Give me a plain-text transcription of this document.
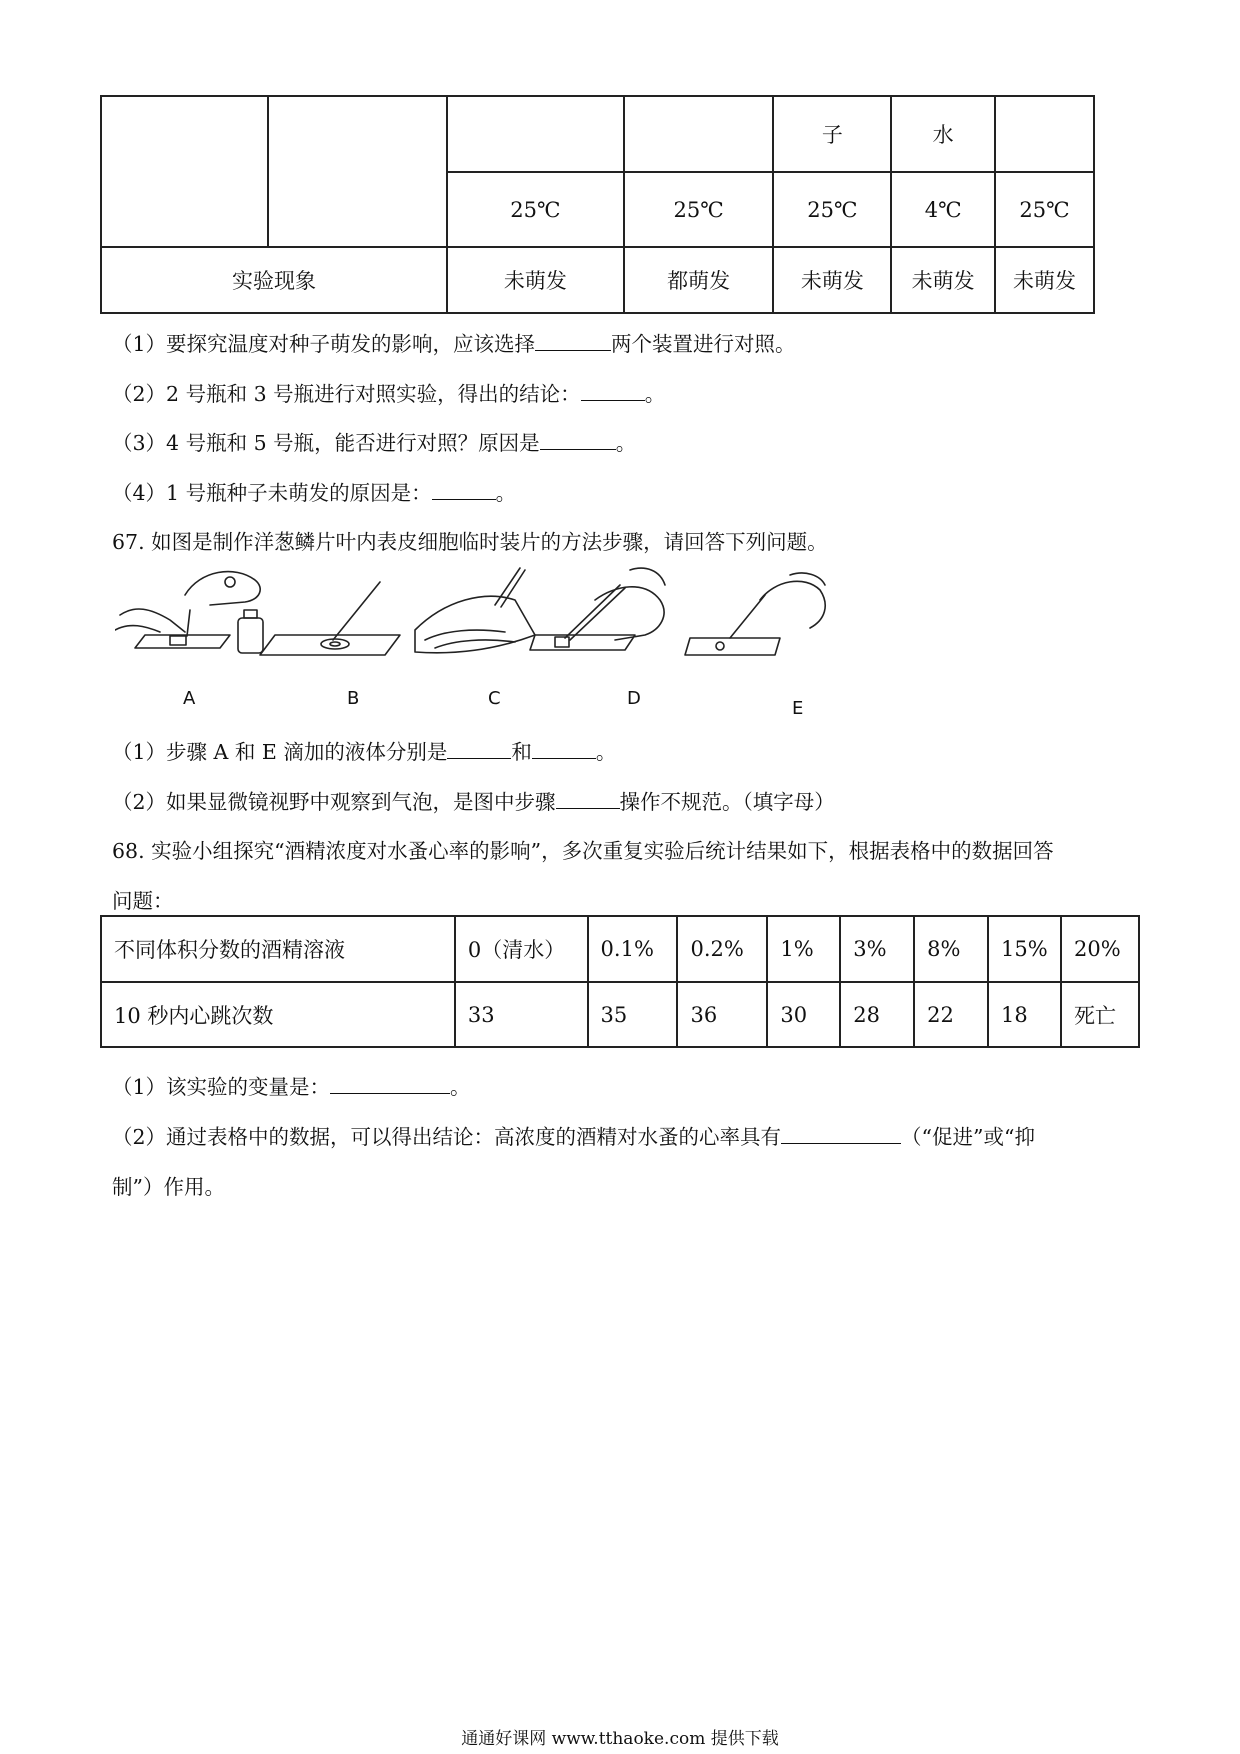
				子	水	
		25℃	25℃	25℃	4℃	25℃
实验现象		未萌发	都萌发	未萌发	未萌发	未萌发
（1）要探究温度对种子萌发的影响，应该选择	两个装置进行对照。
（2）2 号瓶和 3 号瓶进行对照实验，得出的结论：	。
（3）4 号瓶和 5 号瓶，能否进行对照？原因是	。
（4）1 号瓶种子未萌发的原因是：	。
67. 如图是制作洋葱鳞片叶内表皮细胞临时装片的方法步骤，请回答下列问题。
A	B	C	D	E
（1）步骤 A 和 E 滴加的液体分别是	和	。
（2）如果显微镜视野中观察到气泡，是图中步骤	操作不规范。（填字母）
68. 实验小组探究“酒精浓度对水蚤心率的影响”，多次重复实验后统计结果如下，根据表格中的数据回答
问题：
不同体积分数的酒精溶液	0（清水）	0.1%	0.2%	1%	3%	8%	15%	20%
10 秒内心跳次数	33	35	36	30	28	22	18	死亡
（1）该实验的变量是：	。
（2）通过表格中的数据，可以得出结论：高浓度的酒精对水蚤的心率具有	（“促进”或“抑
制”）作用。
通通好课网 www.tthaoke.com 提供下载
